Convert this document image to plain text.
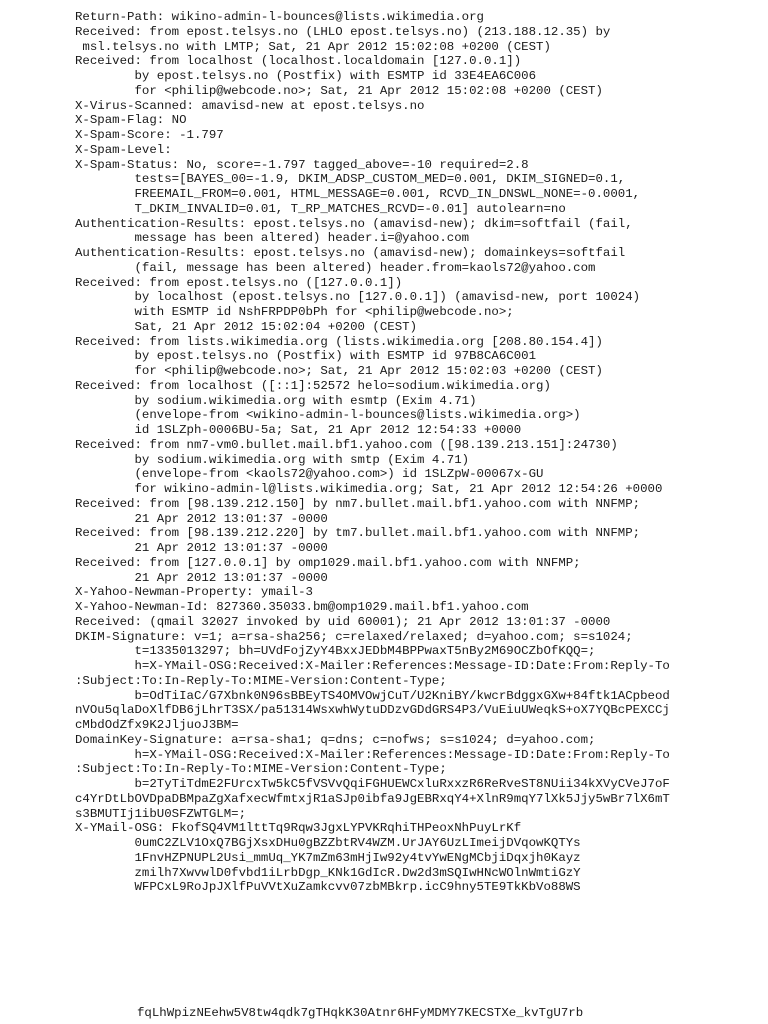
Return-Path: wikino-admin-l-bounces@lists.wikimedia.org
Received: from epost.telsys.no (LHLO epost.telsys.no) (213.188.12.35) by
msl.telsys.no with LMTP; Sat, 21 Apr 2012 15:02:08 +0200 (CEST)
Received: from localhost (localhost.localdomain [127.0.0.1])
by epost.telsys.no (Postfix) with ESMTP id 33E4EA6C006
for <philip@webcode.no>; Sat, 21 Apr 2012 15:02:08 +0200 (CEST)
X-Virus-Scanned: amavisd-new at epost.telsys.no
X-Spam-Flag: NO
X-Spam-Score: -1.797
X-Spam-Level:
X-Spam-Status: No, score=-1.797 tagged_above=-10 required=2.8
tests=[BAYES_00=-1.9, DKIM_ADSP_CUSTOM_MED=0.001, DKIM_SIGNED=0.1,
FREEMAIL_FROM=0.001, HTML_MESSAGE=0.001, RCVD_IN_DNSWL_NONE=-0.0001,
T_DKIM_INVALID=0.01, T_RP_MATCHES_RCVD=-0.01] autolearn=no
Authentication-Results: epost.telsys.no (amavisd-new); dkim=softfail (fail,
message has been altered) header.i=@yahoo.com
Authentication-Results: epost.telsys.no (amavisd-new); domainkeys=softfail
(fail, message has been altered) header.from=kaols72@yahoo.com
Received: from epost.telsys.no ([127.0.0.1])
by localhost (epost.telsys.no [127.0.0.1]) (amavisd-new, port 10024)
with ESMTP id NshFRPDP0bPh for <philip@webcode.no>;
Sat, 21 Apr 2012 15:02:04 +0200 (CEST)
Received: from lists.wikimedia.org (lists.wikimedia.org [208.80.154.4])
by epost.telsys.no (Postfix) with ESMTP id 97B8CA6C001
for <philip@webcode.no>; Sat, 21 Apr 2012 15:02:03 +0200 (CEST)
Received: from localhost ([::1]:52572 helo=sodium.wikimedia.org)
by sodium.wikimedia.org with esmtp (Exim 4.71)
(envelope-from <wikino-admin-l-bounces@lists.wikimedia.org>)
id 1SLZph-0006BU-5a; Sat, 21 Apr 2012 12:54:33 +0000
Received: from nm7-vm0.bullet.mail.bf1.yahoo.com ([98.139.213.151]:24730)
by sodium.wikimedia.org with smtp (Exim 4.71)
(envelope-from <kaols72@yahoo.com>) id 1SLZpW-00067x-GU
for wikino-admin-l@lists.wikimedia.org; Sat, 21 Apr 2012 12:54:26 +0000
Received: from [98.139.212.150] by nm7.bullet.mail.bf1.yahoo.com with NNFMP;
21 Apr 2012 13:01:37 -0000
Received: from [98.139.212.220] by tm7.bullet.mail.bf1.yahoo.com with NNFMP;
21 Apr 2012 13:01:37 -0000
Received: from [127.0.0.1] by omp1029.mail.bf1.yahoo.com with NNFMP;
21 Apr 2012 13:01:37 -0000
X-Yahoo-Newman-Property: ymail-3
X-Yahoo-Newman-Id: 827360.35033.bm@omp1029.mail.bf1.yahoo.com
Received: (qmail 32027 invoked by uid 60001); 21 Apr 2012 13:01:37 -0000
DKIM-Signature: v=1; a=rsa-sha256; c=relaxed/relaxed; d=yahoo.com; s=s1024;
t=1335013297; bh=UVdFojZyY4BxxJEDbM4BPPwaxT5nBy2M69OCZbOfKQQ=;
h=X-YMail-OSG:Received:X-Mailer:References:Message-ID:Date:From:Reply-To
:Subject:To:In-Reply-To:MIME-Version:Content-Type;
b=OdTiIaC/G7Xbnk0N96sBBEyTS4OMVOwjCuT/U2KniBY/kwcrBdggxGXw+84ftk1ACpbeod
nVOu5qlaDoXlfDB6jLhrT3SX/pa51314WsxwhWytuDDzvGDdGRS4P3/VuEiuUWeqkS+oX7YQBcPEXCCj
cMbdOdZfx9K2JljuoJ3BM=
DomainKey-Signature: a=rsa-sha1; q=dns; c=nofws; s=s1024; d=yahoo.com;
h=X-YMail-OSG:Received:X-Mailer:References:Message-ID:Date:From:Reply-To
:Subject:To:In-Reply-To:MIME-Version:Content-Type;
b=2TyTiTdmE2FUrcxTw5kC5fVSVvQqiFGHUEWCxluRxxzR6ReRveST8NUii34kXVyCVeJ7oF
c4YrDtLbOVDpaDBMpaZgXafxecWfmtxjR1aSJp0ibfa9JgEBRxqY4+XlnR9mqY7lXk5Jjy5wBr7lX6mT
s3BMUTIj1ibU0SFZWTGLM=;
X-YMail-OSG: FkofSQ4VM1lttTq9Rqw3JgxLYPVKRqhiTHPeoxNhPuyLrKf
0umC2ZLV1OxQ7BGjXsxDHu0gBZZbtRV4WZM.UrJAY6UzLImeijDVqowKQTYs
1FnvHZPNUPL2Usi_mmUq_YK7mZm63mHjIw92y4tvYwENgMCbjiDqxjh0Kayz
zmilh7XwvwlD0fvbd1iLrbDgp_KNk1GdIcR.Dw2d3mSQIwHNcWOlnWmtiGzY
WFPCxL9RoJpJXlfPuVVtXuZamkcvv07zbMBkrp.icC9hny5TE9TkKbVo88WS
fqLhWpizNEehw5V8tw4qdk7gTHqkK30Atnr6HFyMDMY7KECSTXe_kvTgU7rb
